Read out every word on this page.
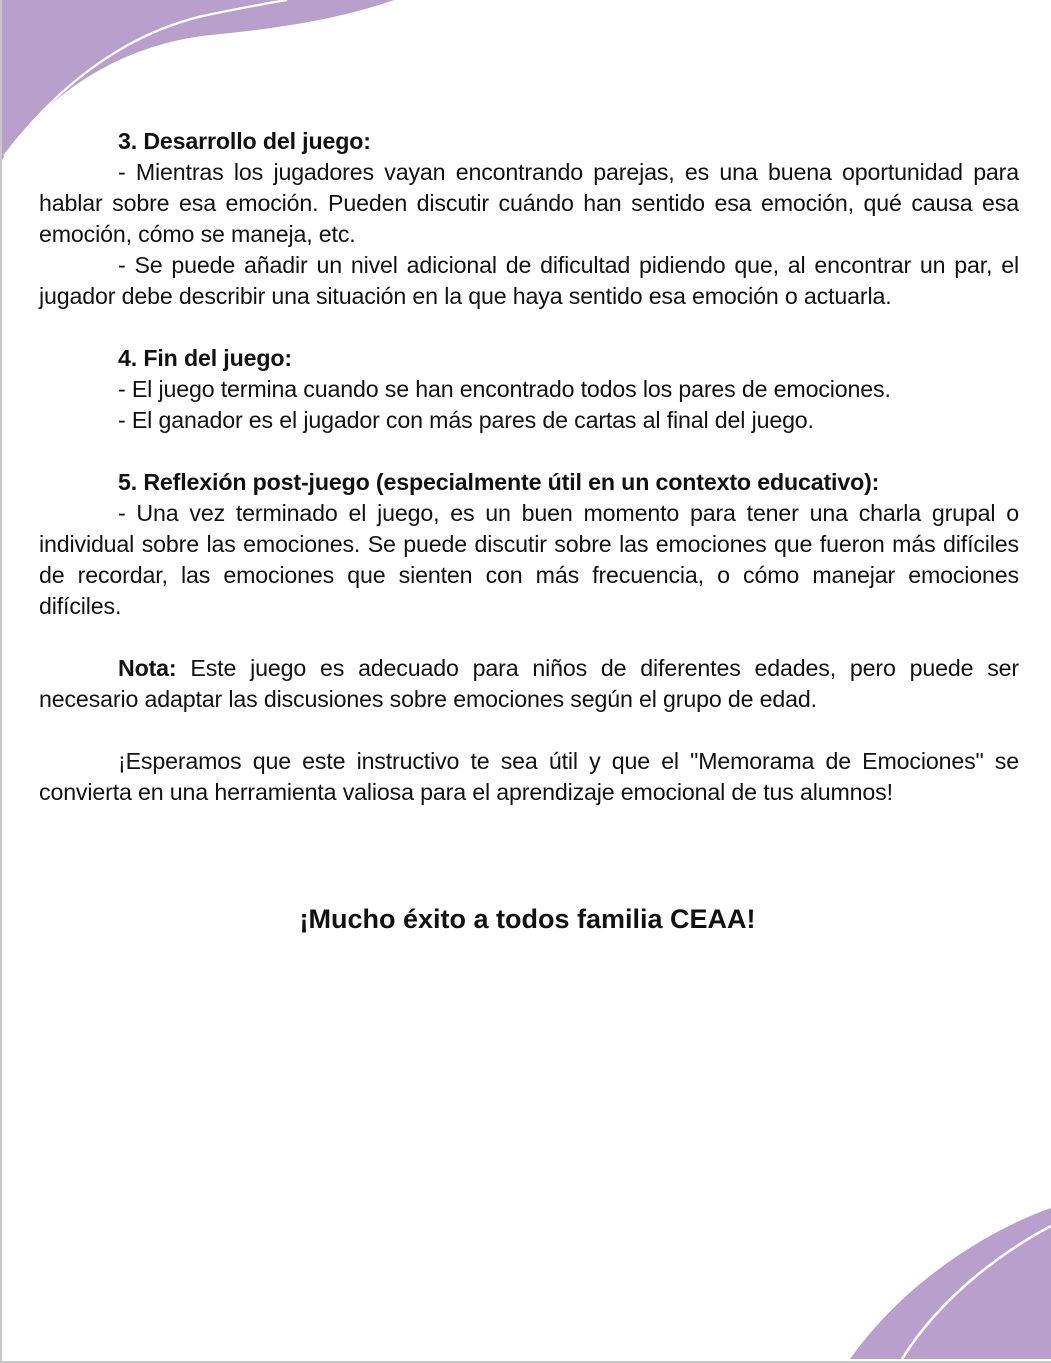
3. Desarrollo del juego:

- Mientras los jugadores vayan encontrando parejas, es una buena oportunidad para hablar sobre esa emoción. Pueden discutir cuándo han sentido esa emoción, qué causa esa emoción, cómo se maneja, etc.

- Se puede añadir un nivel adicional de dificultad pidiendo que, al encontrar un par, el jugador debe describir una situación en la que haya sentido esa emoción o actuarla.

4. Fin del juego:

- El juego termina cuando se han encontrado todos los pares de emociones.

- El ganador es el jugador con más pares de cartas al final del juego.

5. Reflexión post-juego (especialmente útil en un contexto educativo):

- Una vez terminado el juego, es un buen momento para tener una charla grupal o individual sobre las emociones. Se puede discutir sobre las emociones que fueron más difíciles de recordar, las emociones que sienten con más frecuencia, o cómo manejar emociones difíciles.

Nota: Este juego es adecuado para niños de diferentes edades, pero puede ser necesario adaptar las discusiones sobre emociones según el grupo de edad.

¡Esperamos que este instructivo te sea útil y que el "Memorama de Emociones" se convierta en una herramienta valiosa para el aprendizaje emocional de tus alumnos!

¡Mucho éxito a todos familia CEAA!
